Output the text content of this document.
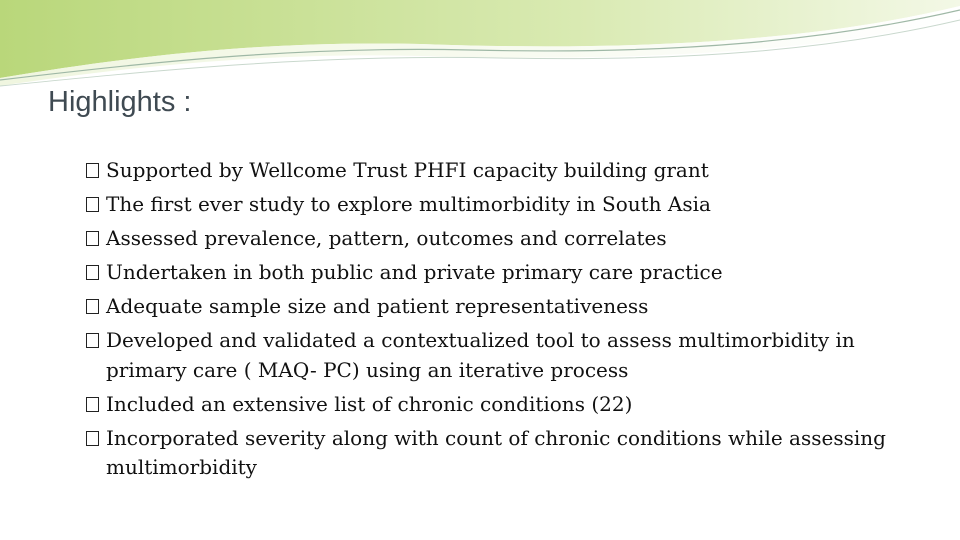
Highlights :
Supported by Wellcome Trust PHFI capacity building grant
The first ever study to explore multimorbidity in South Asia
Assessed prevalence, pattern, outcomes and correlates
Undertaken in both public and private primary care practice
Adequate sample size and patient representativeness
Developed and validated a contextualized tool to assess multimorbidity in primary care ( MAQ- PC) using an iterative process
Included an extensive list of chronic conditions (22)
Incorporated severity along with count of chronic conditions while assessing multimorbidity
